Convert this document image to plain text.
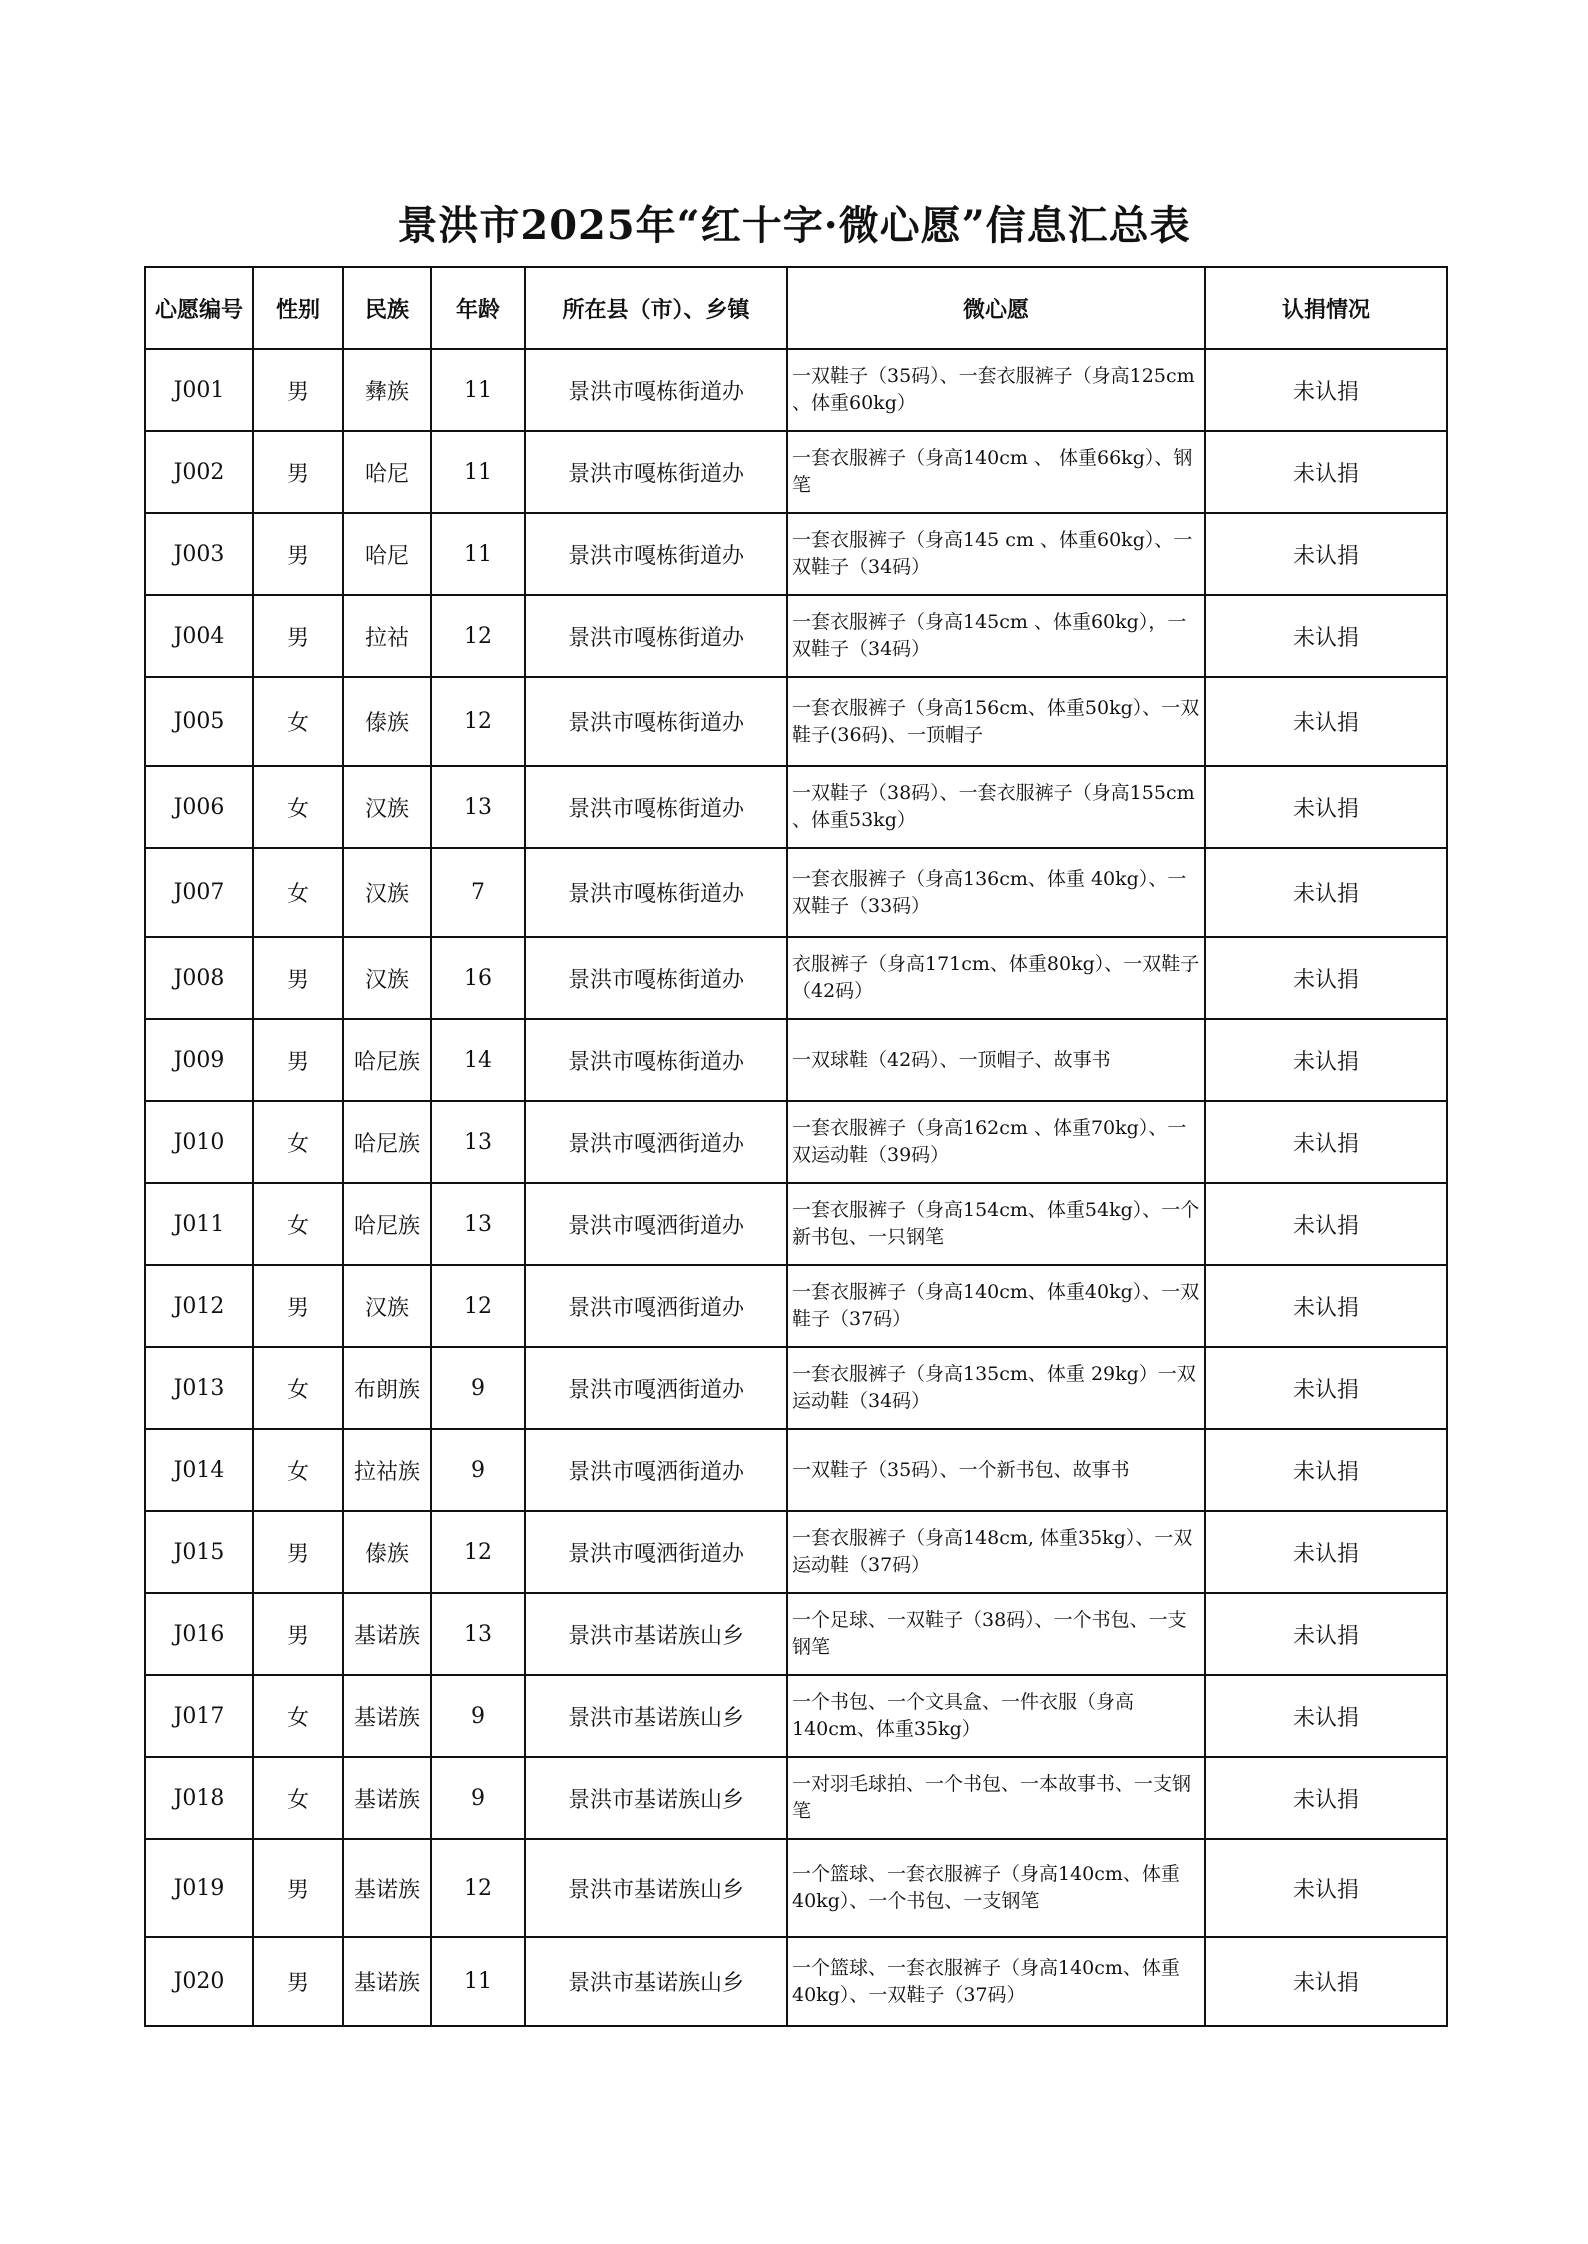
景洪市2025年“红十字·微心愿”信息汇总表
心愿编号	性别	民族	年龄	所在县（市）、乡镇	微心愿	认捐情况
J001	男	彝族	11	景洪市嘎栋街道办	一双鞋子（35码）、一套衣服裤子（身高125cm 、体重60kg）	未认捐
J002	男	哈尼	11	景洪市嘎栋街道办	一套衣服裤子（身高140cm 、 体重66kg）、钢笔	未认捐
J003	男	哈尼	11	景洪市嘎栋街道办	一套衣服裤子（身高145 cm 、体重60kg）、一双鞋子（34码）	未认捐
J004	男	拉祜	12	景洪市嘎栋街道办	一套衣服裤子（身高145cm 、体重60kg），一双鞋子（34码）	未认捐
J005	女	傣族	12	景洪市嘎栋街道办	一套衣服裤子（身高156cm、体重50kg）、一双鞋子(36码)、一顶帽子	未认捐
J006	女	汉族	13	景洪市嘎栋街道办	一双鞋子（38码）、一套衣服裤子（身高155cm 、体重53kg）	未认捐
J007	女	汉族	7	景洪市嘎栋街道办	一套衣服裤子（身高136cm、体重 40kg）、一双鞋子（33码）	未认捐
J008	男	汉族	16	景洪市嘎栋街道办	衣服裤子（身高171cm、体重80kg）、一双鞋子（42码）	未认捐
J009	男	哈尼族	14	景洪市嘎栋街道办	一双球鞋（42码）、一顶帽子、故事书	未认捐
J010	女	哈尼族	13	景洪市嘎洒街道办	一套衣服裤子（身高162cm 、体重70kg）、一双运动鞋（39码）	未认捐
J011	女	哈尼族	13	景洪市嘎洒街道办	一套衣服裤子（身高154cm、体重54kg）、一个新书包、一只钢笔	未认捐
J012	男	汉族	12	景洪市嘎洒街道办	一套衣服裤子（身高140cm、体重40kg）、一双鞋子（37码）	未认捐
J013	女	布朗族	9	景洪市嘎洒街道办	一套衣服裤子（身高135cm、体重 29kg）一双运动鞋（34码）	未认捐
J014	女	拉祜族	9	景洪市嘎洒街道办	一双鞋子（35码）、一个新书包、故事书	未认捐
J015	男	傣族	12	景洪市嘎洒街道办	一套衣服裤子（身高148cm, 体重35kg）、一双运动鞋（37码）	未认捐
J016	男	基诺族	13	景洪市基诺族山乡	一个足球、一双鞋子（38码）、一个书包、一支钢笔	未认捐
J017	女	基诺族	9	景洪市基诺族山乡	一个书包、一个文具盒、一件衣服（身高140cm、体重35kg）	未认捐
J018	女	基诺族	9	景洪市基诺族山乡	一对羽毛球拍、一个书包、一本故事书、一支钢笔	未认捐
J019	男	基诺族	12	景洪市基诺族山乡	一个篮球、一套衣服裤子（身高140cm、体重40kg）、一个书包、一支钢笔	未认捐
J020	男	基诺族	11	景洪市基诺族山乡	一个篮球、一套衣服裤子（身高140cm、体重40kg）、一双鞋子（37码）	未认捐
